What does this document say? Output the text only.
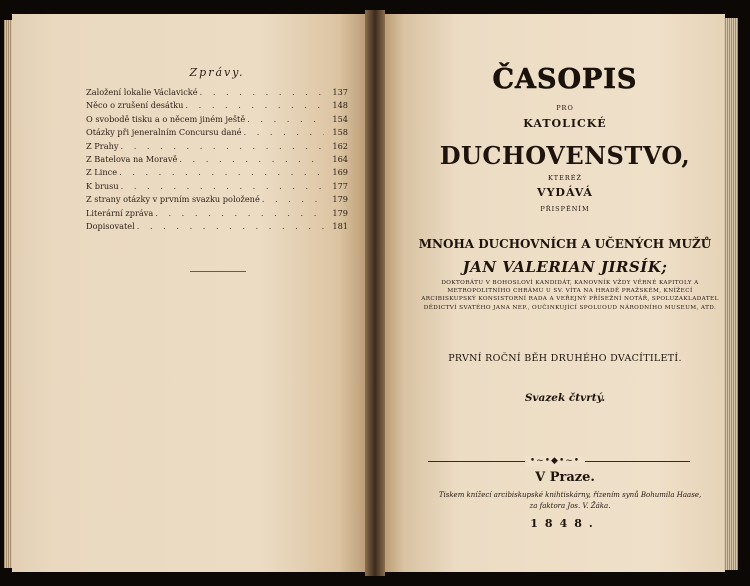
Zprávy.
Založení lokalie Václavické . . .	137
Něco o zrušení desátku . . .	148
O svobodě tisku a o něcem jiném ještě . . .	154
Otázky při jeneralním Concursu dané . . .	158
Z Prahy . . .	162
Z Batelova na Moravě . . .	164
Z Lince . . .	169
K brusu . . .	177
Z strany otázky v prvním svazku položené . . .	179
Literární zpráva . . .	179
Dopisovatel . . .	181

ČASOPIS

PRO

KATOLICKÉ

DUCHOVENSTVO,

KTERÉŽ

VYDÁVÁ

PŘISPĚNÍM

MNOHA DUCHOVNÍCH A UČENÝCH MUŽŮ

JAN VALERIAN JIRSÍK;

DOKTORÁTU V BOHOSLOVÍ KANDIDÁT, KANOVNÍK VŽDY VĚRNÉ KAPITOLY A METROPOLITNÍHO CHRÁMU U SV. VÍTA NA HRADĚ PRAŽSKÉM, KNÍŽECÍ ARCIBISKUPSKÝ KONSISTORNÍ RADA A VEŘEJNÝ PŘÍSEŽNÍ NOTÁŘ, SPOLUZAKLADATEL DĚDICTVÍ SVATÉHO JANA NEP., OUČINKUJÍCÍ SPOLUOUD NÁRODNÍHO MUSEUM, ATD.

PRVNÍ ROČNÍ BĚH DRUHÉHO DVACÍTILETÍ.

Svazek čtvrtý.

•~•◆•~•

V Praze.

Tiskem knížecí arcibiskupské knihtiskárny, řízením synů Bohumila Haase,
za faktora Jos. V. Žáka.

1848.
